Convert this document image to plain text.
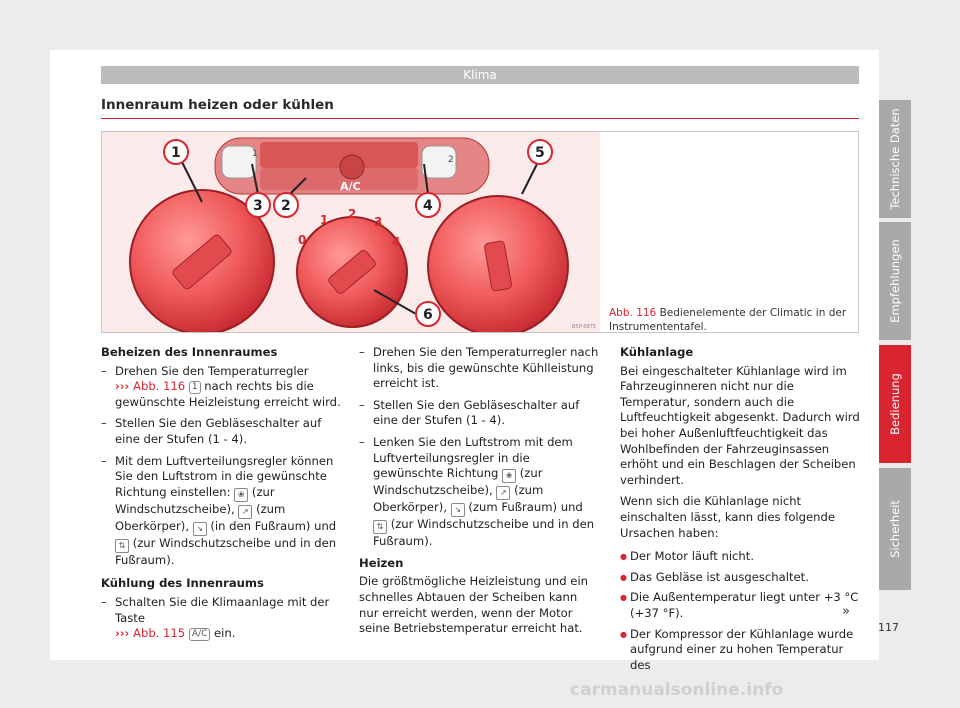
Klima
Innenraum heizen oder kühlen
A/C
1
2
0
1 2
3
4
1
2
3	4
5
6
B5P-0975
Abb. 116 Bedienelemente der Climatic in der Instrumententafel.
Beheizen des Innenraumes
– Drehen Sie den Temperaturregler
››› Abb. 116 1 nach rechts bis die gewünschte Heizleistung erreicht wird.
– Stellen Sie den Gebläseschalter auf eine der Stufen (1 - 4).
– Mit dem Luftverteilungsregler können Sie den Luftstrom in die gewünschte Richtung einstellen: ❀ (zur Windschutzscheibe), ↗ (zum Oberkörper), ↘ (in den Fußraum) und ⇅ (zur Windschutzscheibe und in den Fußraum).
Kühlung des Innenraums
– Schalten Sie die Klimaanlage mit der Taste
››› Abb. 115 A/C ein.
– Drehen Sie den Temperaturregler nach links, bis die gewünschte Kühlleistung erreicht ist.
– Stellen Sie den Gebläseschalter auf eine der Stufen (1 - 4).
– Lenken Sie den Luftstrom mit dem Luftverteilungsregler in die gewünschte Richtung ❀ (zur Windschutzscheibe), ↗ (zum Oberkörper), ↘ (zum Fußraum) und ⇅ (zur Windschutzscheibe und in den Fußraum).
Heizen
Die größtmögliche Heizleistung und ein schnelles Abtauen der Scheiben kann nur erreicht werden, wenn der Motor seine Betriebstemperatur erreicht hat.
Kühlanlage
Bei eingeschalteter Kühlanlage wird im Fahrzeuginneren nicht nur die Temperatur, sondern auch die Luftfeuchtigkeit abgesenkt. Dadurch wird bei hoher Außenluftfeuchtigkeit das Wohlbefinden der Fahrzeuginsassen erhöht und ein Beschlagen der Scheiben verhindert.
Wenn sich die Kühlanlage nicht einschalten lässt, kann dies folgende Ursachen haben:
● Der Motor läuft nicht.
● Das Gebläse ist ausgeschaltet.
● Die Außentemperatur liegt unter +3 °C (+37 °F).
● Der Kompressor der Kühlanlage wurde aufgrund einer zu hohen Temperatur des
»
117
Technische Daten
Empfehlungen
Bedienung
Sicherheit
carmanualsonline.info
